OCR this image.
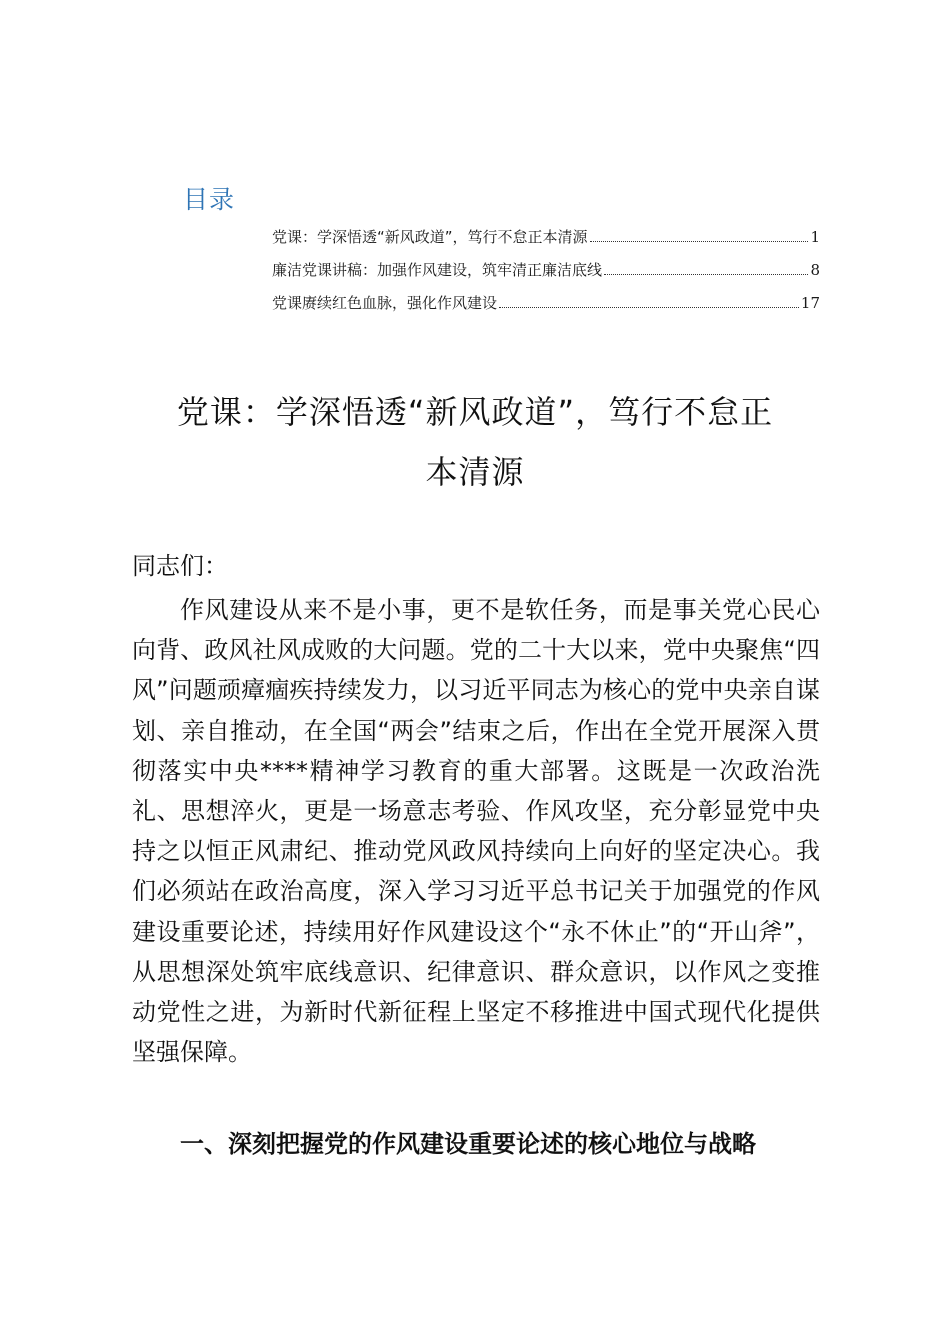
目录
党课：学深悟透“新风政道”，笃行不怠正本清源	1
廉洁党课讲稿：加强作风建设，筑牢清正廉洁底线	8
党课赓续红色血脉，强化作风建设	17
党课：学深悟透“新风政道”，笃行不怠正
本清源
同志们：

作风建设从来不是小事，更不是软任务，而是事关党心民心向背、政风社风成败的大问题。党的二十大以来，党中央聚焦“四风”问题顽瘴痼疾持续发力，以习近平同志为核心的党中央亲自谋划、亲自推动，在全国“两会”结束之后，作出在全党开展深入贯彻落实中央****精神学习教育的重大部署。这既是一次政治洗礼、思想淬火，更是一场意志考验、作风攻坚，充分彰显党中央持之以恒正风肃纪、推动党风政风持续向上向好的坚定决心。我们必须站在政治高度，深入学习习近平总书记关于加强党的作风建设重要论述，持续用好作风建设这个“永不休止”的“开山斧”，从思想深处筑牢底线意识、纪律意识、群众意识，以作风之变推动党性之进，为新时代新征程上坚定不移推进中国式现代化提供坚强保障。

一、深刻把握党的作风建设重要论述的核心地位与战略
